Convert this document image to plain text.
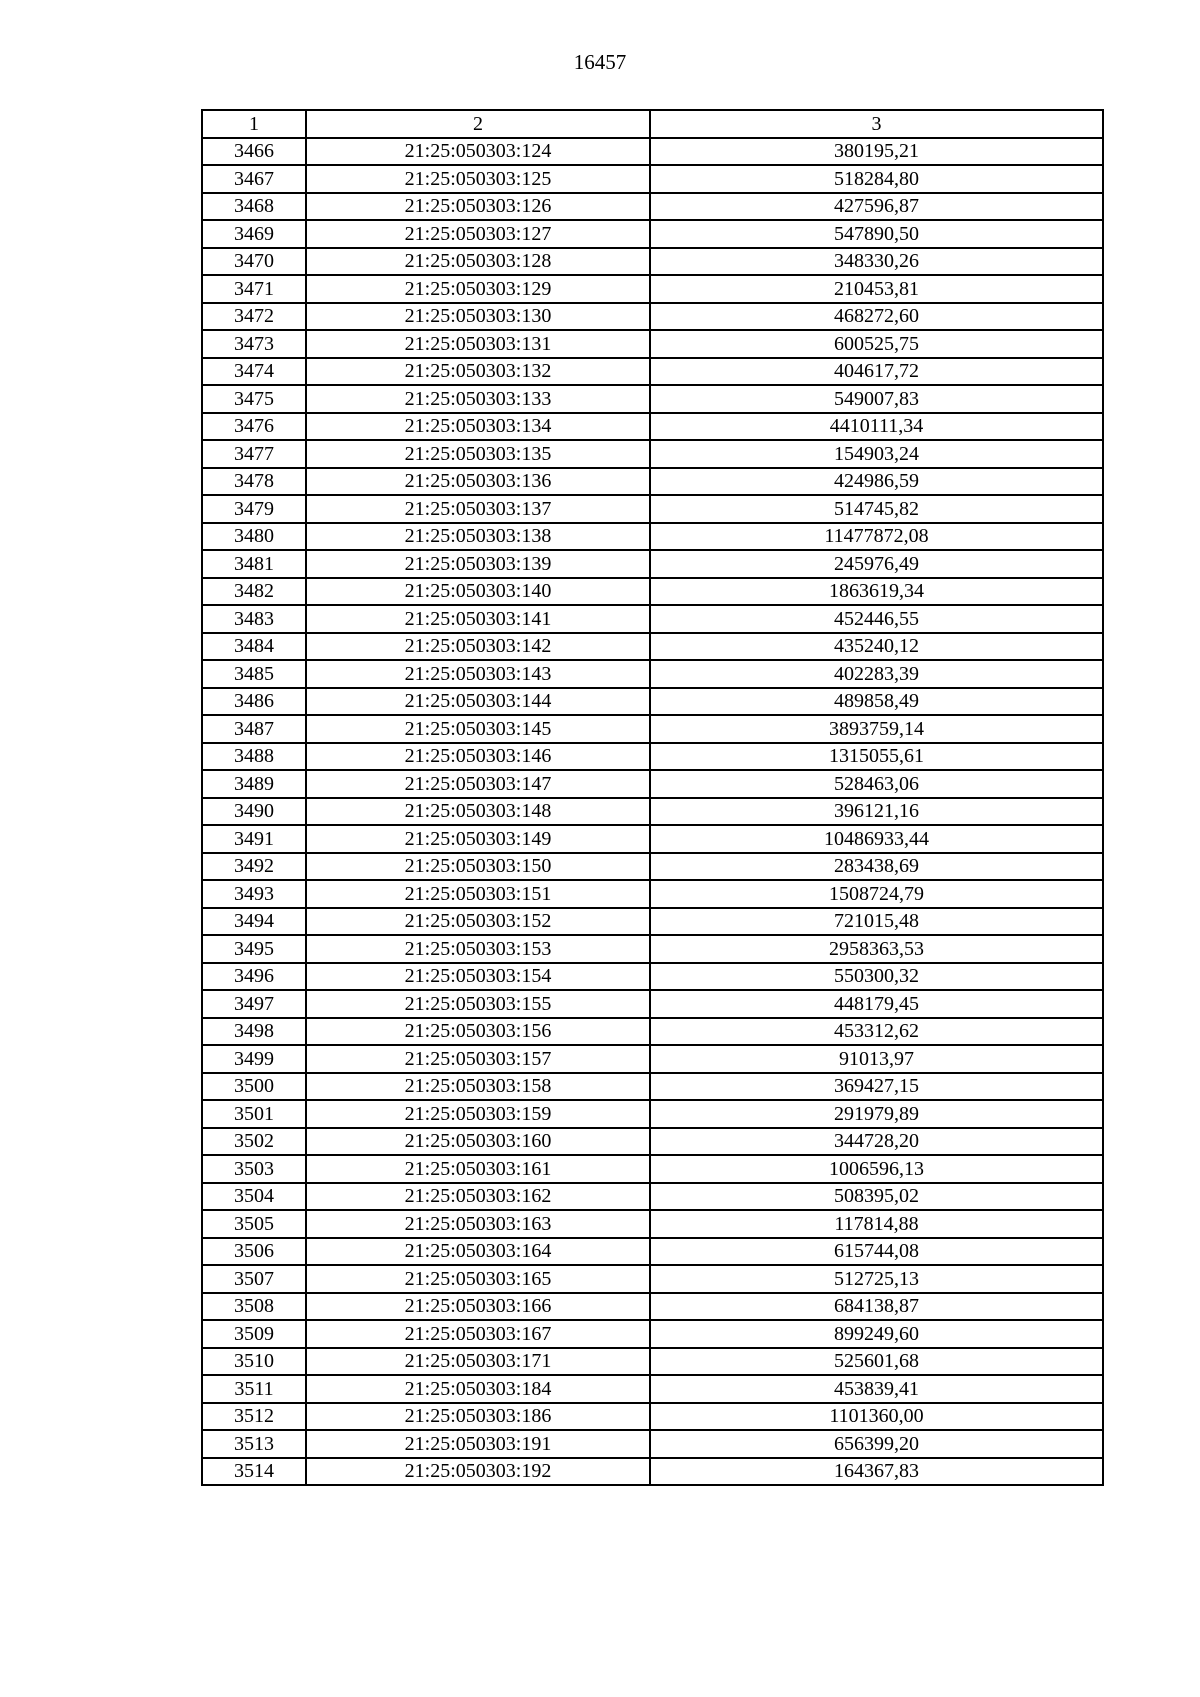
16457
1	2	3
3466	21:25:050303:124	380195,21
3467	21:25:050303:125	518284,80
3468	21:25:050303:126	427596,87
3469	21:25:050303:127	547890,50
3470	21:25:050303:128	348330,26
3471	21:25:050303:129	210453,81
3472	21:25:050303:130	468272,60
3473	21:25:050303:131	600525,75
3474	21:25:050303:132	404617,72
3475	21:25:050303:133	549007,83
3476	21:25:050303:134	4410111,34
3477	21:25:050303:135	154903,24
3478	21:25:050303:136	424986,59
3479	21:25:050303:137	514745,82
3480	21:25:050303:138	11477872,08
3481	21:25:050303:139	245976,49
3482	21:25:050303:140	1863619,34
3483	21:25:050303:141	452446,55
3484	21:25:050303:142	435240,12
3485	21:25:050303:143	402283,39
3486	21:25:050303:144	489858,49
3487	21:25:050303:145	3893759,14
3488	21:25:050303:146	1315055,61
3489	21:25:050303:147	528463,06
3490	21:25:050303:148	396121,16
3491	21:25:050303:149	10486933,44
3492	21:25:050303:150	283438,69
3493	21:25:050303:151	1508724,79
3494	21:25:050303:152	721015,48
3495	21:25:050303:153	2958363,53
3496	21:25:050303:154	550300,32
3497	21:25:050303:155	448179,45
3498	21:25:050303:156	453312,62
3499	21:25:050303:157	91013,97
3500	21:25:050303:158	369427,15
3501	21:25:050303:159	291979,89
3502	21:25:050303:160	344728,20
3503	21:25:050303:161	1006596,13
3504	21:25:050303:162	508395,02
3505	21:25:050303:163	117814,88
3506	21:25:050303:164	615744,08
3507	21:25:050303:165	512725,13
3508	21:25:050303:166	684138,87
3509	21:25:050303:167	899249,60
3510	21:25:050303:171	525601,68
3511	21:25:050303:184	453839,41
3512	21:25:050303:186	1101360,00
3513	21:25:050303:191	656399,20
3514	21:25:050303:192	164367,83
